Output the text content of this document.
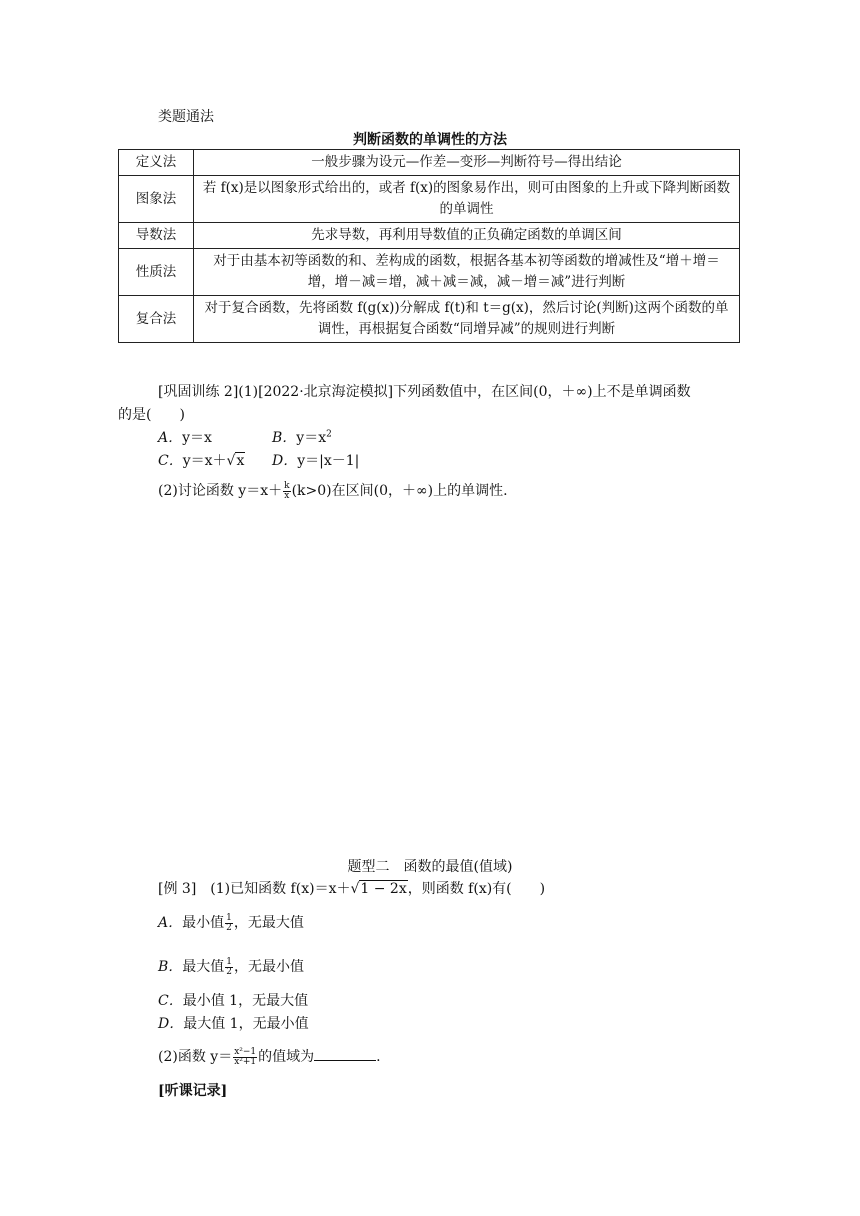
类题通法
判断函数的单调性的方法
定义法	一般步骤为设元—作差—变形—判断符号—得出结论
图象法	若 f(x)是以图象形式给出的，或者 f(x)的图象易作出，则可由图象的上升或下降判断函数的单调性
导数法	先求导数，再利用导数值的正负确定函数的单调区间
性质法	对于由基本初等函数的和、差构成的函数，根据各基本初等函数的增减性及“增＋增＝增，增－减＝增，减＋减＝减，减－增＝减”进行判断
复合法	对于复合函数，先将函数 f(g(x))分解成 f(t)和 t＝g(x)，然后讨论(判断)这两个函数的单调性，再根据复合函数“同增异减”的规则进行判断
[巩固训练 2](1)[2022·北京海淀模拟]下列函数值中，在区间(0，＋∞)上不是单调函数
的是(　　)
A．y＝x	B．$y=x^2$
C．y＝x＋√x D．y＝|x－1|
(2)讨论函数 $y=x+ \frac{k}{x} (k>0)$在区间(0，＋∞)上的单调性.
题型二　函数的最值(值域)
[例 3]　(1)已知函数 f(x)＝x＋√1 − 2x，则函数 f(x)有(　　)
A．最小值 $\frac{1}{2}$ ，无最大值
B．最大值 $\frac{1}{2}$ ，无最小值
C．最小值 1，无最大值
D．最大值 1，无最小值
(2)函数 $y= \frac{\text{x²−1}}{\text{x²+1}}$ 的值域为	.
[听课记录]
